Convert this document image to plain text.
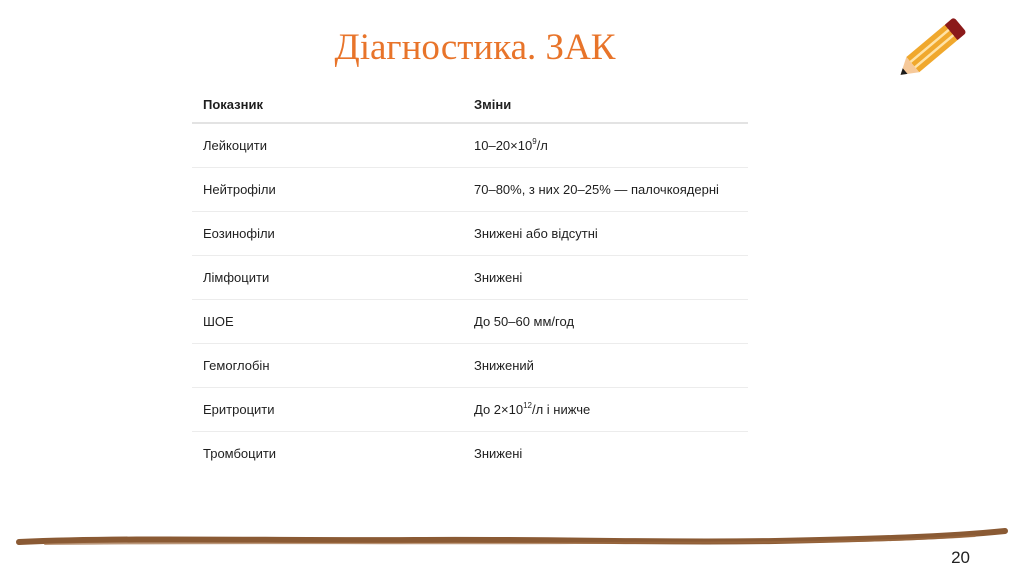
Діагностика. ЗАК
Показник	Зміни
Лейкоцити	$10-20\times 10^9/л$
Нейтрофіли	70–80%, з них 20–25% — палочкоядерні
Еозинофіли	Знижені або відсутні
Лімфоцити	Знижені
ШОЕ	До 50–60 мм/год
Гемоглобін	Знижений
Еритроцити	До $2\times 10^{12}/л$ і нижче
Тромбоцити	Знижені
20
